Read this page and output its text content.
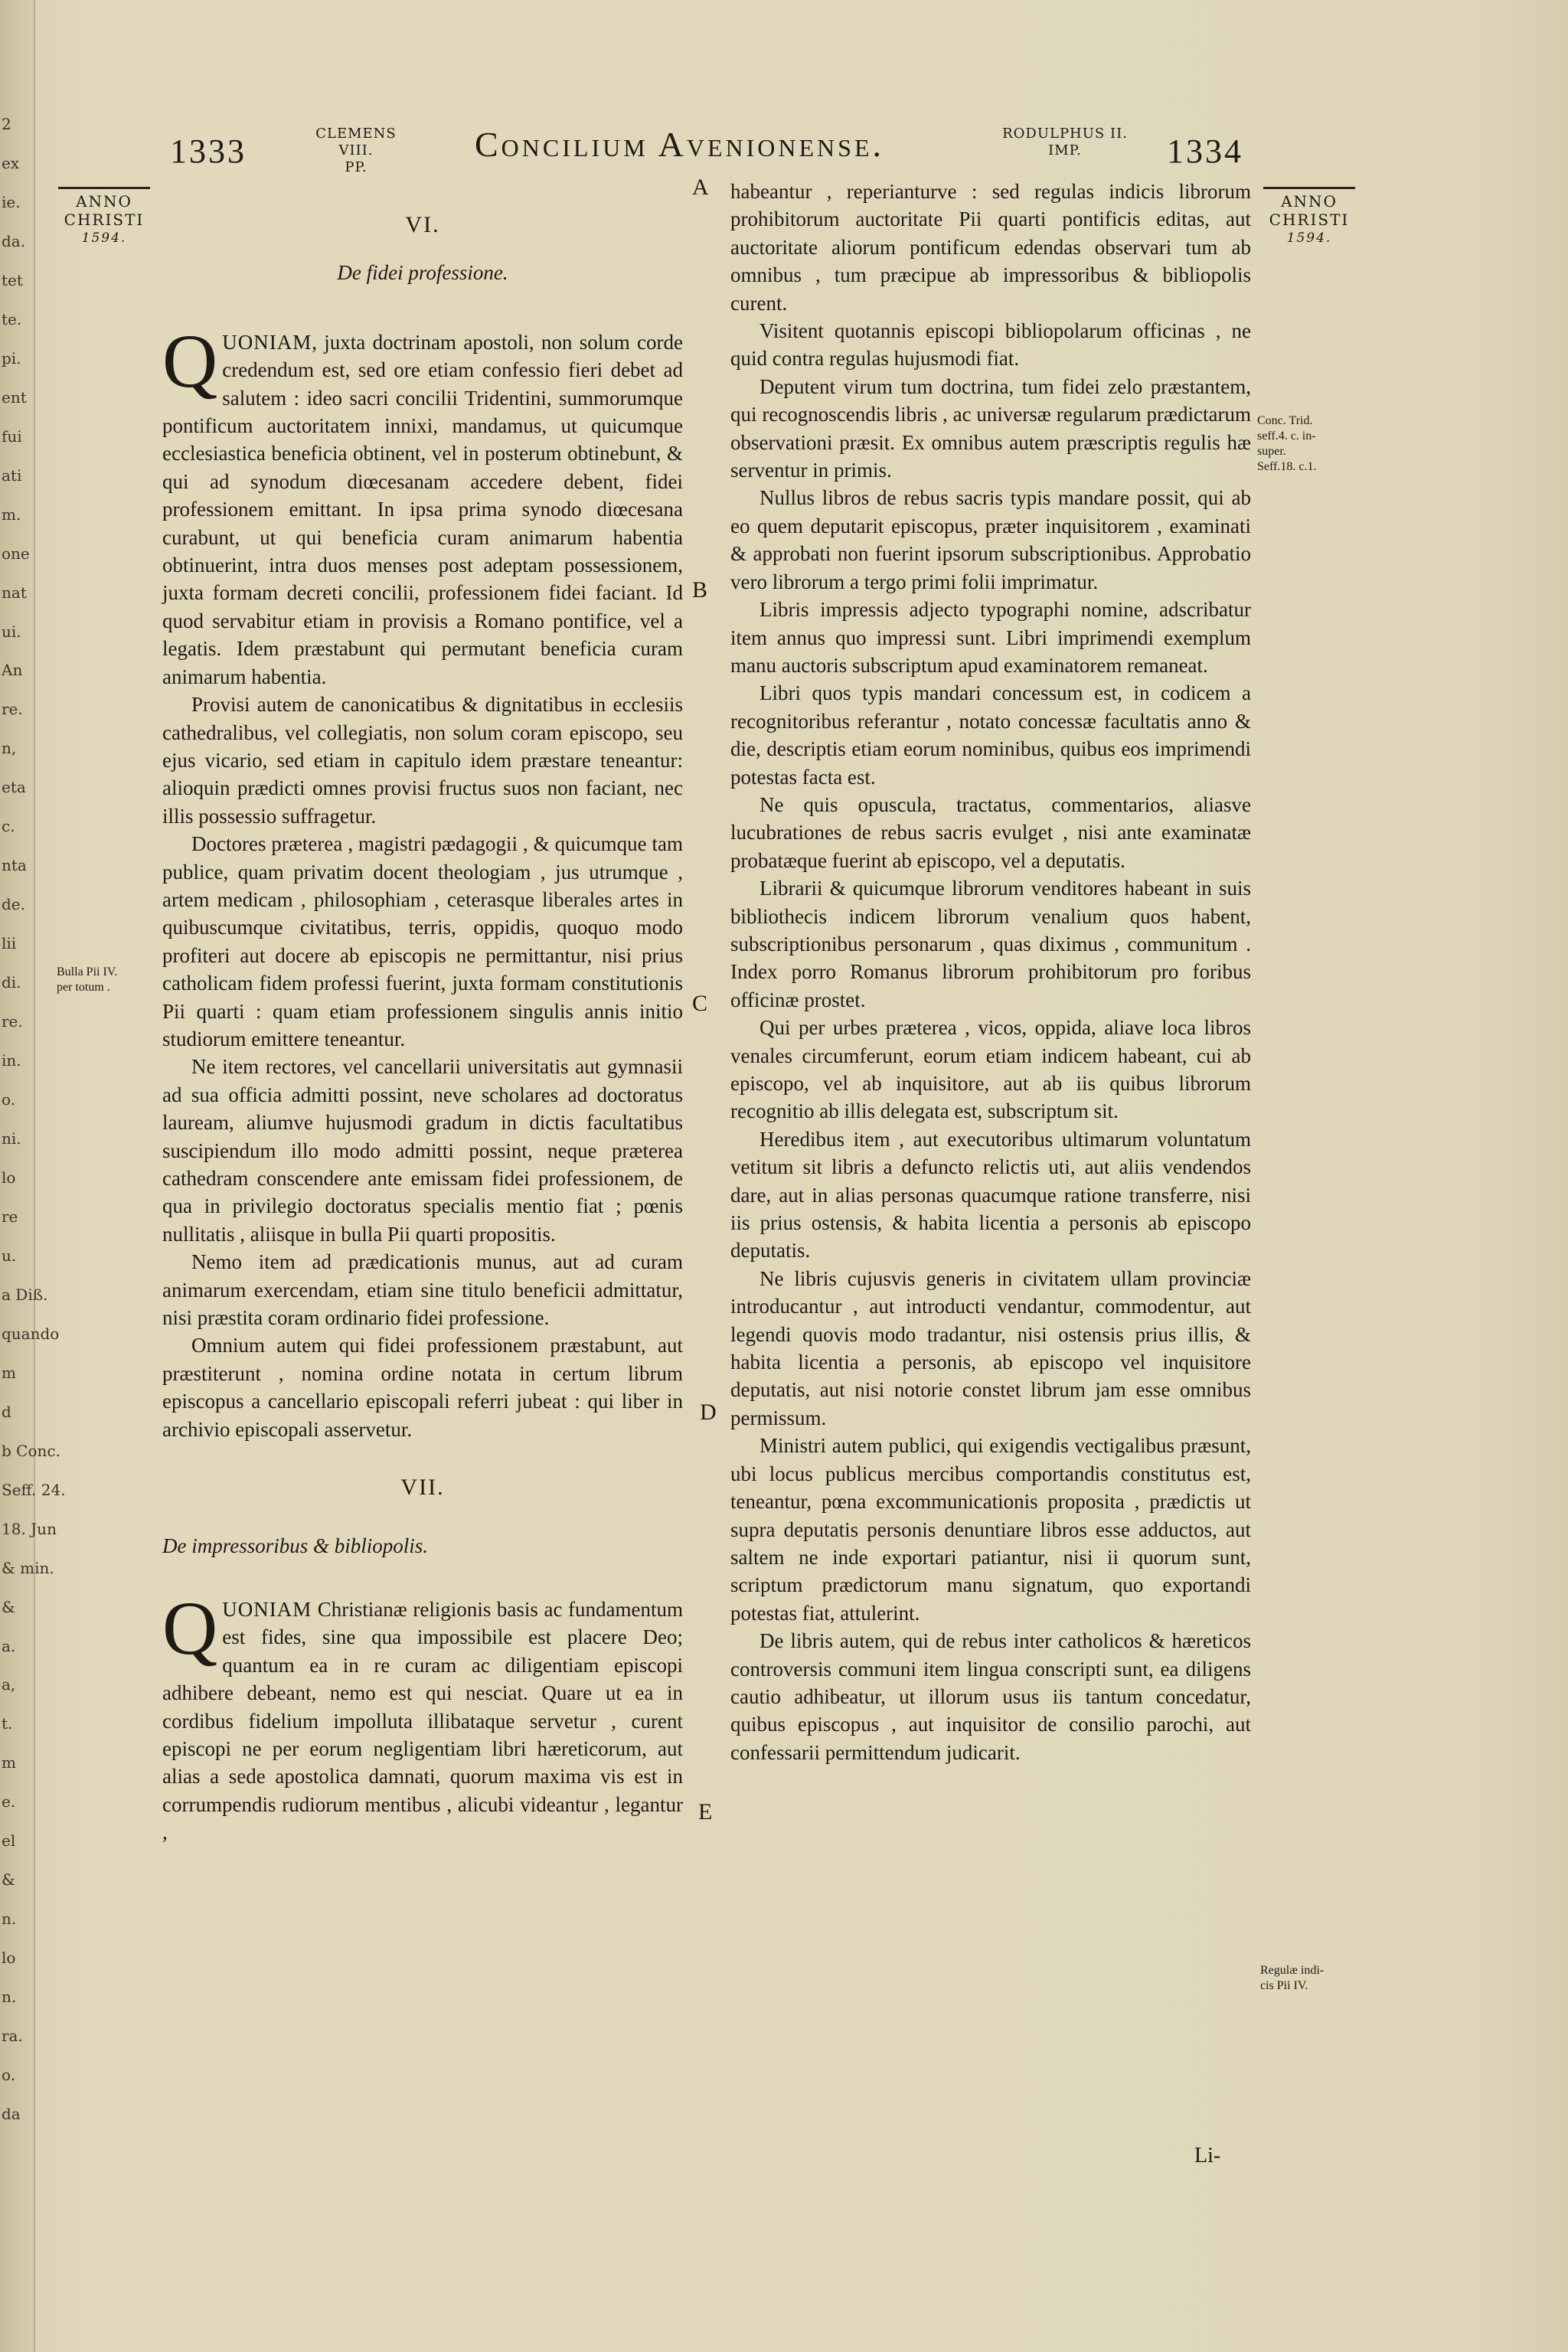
2
ex
ie.
da.
tet
te.
pi.
ent
fui
ati
m.
one
nat
ui.
An
re.
n,
eta
c.
nta
de.
lii
di.
re.
in.
o.
ni.
lo
re
u.
a Diß.
quando
m
d
b Conc.
Seff. 24.
18. Jun
& min.
&
a.
a,
t.
m
e.
el
&
n.
lo
n.
ra.
o.
da
1333	CLEMENS VIII.
PP.
Concilium Avenionense.	RODULPHUS II.
IMP.	1334
ANNO
CHRISTI
1594.
ANNO
CHRISTI
1594.
VI.
De fidei professione.

QUONIAM, juxta doctrinam apostoli, non solum corde credendum est, sed ore etiam confessio fieri debet ad salutem : ideo sacri concilii Tridentini, summorumque pontificum auctoritatem innixi, mandamus, ut quicumque ecclesiastica beneficia obtinent, vel in posterum obtinebunt, & qui ad synodum diœcesanam accedere debent, fidei professionem emittant. In ipsa prima synodo diœcesana curabunt, ut qui beneficia curam animarum habentia obtinuerint, intra duos menses post adeptam possessionem, juxta formam decreti concilii, professionem fidei faciant. Id quod servabitur etiam in provisis a Romano pontifice, vel a legatis. Idem præstabunt qui permutant beneficia curam animarum habentia.

Provisi autem de canonicatibus & dignitatibus in ecclesiis cathedralibus, vel collegiatis, non solum coram episcopo, seu ejus vicario, sed etiam in capitulo idem præstare teneantur: alioquin prædicti omnes provisi fructus suos non faciant, nec illis possessio suffragetur.

Doctores præterea , magistri pædagogii , & quicumque tam publice, quam privatim docent theologiam , jus utrumque , artem medicam , philosophiam , ceterasque liberales artes in quibuscumque civitatibus, terris, oppidis, quoquo modo profiteri aut docere ab episcopis ne permittantur, nisi prius catholicam fidem professi fuerint, juxta formam constitutionis Pii quarti : quam etiam professionem singulis annis initio studiorum emittere teneantur.

Ne item rectores, vel cancellarii universitatis aut gymnasii ad sua officia admitti possint, neve scholares ad doctoratus lauream, aliumve hujusmodi gradum in dictis facultatibus suscipiendum illo modo admitti possint, neque præterea cathedram conscendere ante emissam fidei professionem, de qua in privilegio doctoratus specialis mentio fiat ; pœnis nullitatis , aliisque in bulla Pii quarti propositis.

Nemo item ad prædicationis munus, aut ad curam animarum exercendam, etiam sine titulo beneficii admittatur, nisi præstita coram ordinario fidei professione.

Omnium autem qui fidei professionem præstabunt, aut præstiterunt , nomina ordine notata in certum librum episcopus a cancellario episcopali referri jubeat : qui liber in archivio episcopali asservetur.

VII.
De impressoribus & bibliopolis.

QUONIAM Christianæ religionis basis ac fundamentum est fides, sine qua impossibile est placere Deo; quantum ea in re curam ac diligentiam episcopi adhibere debeant, nemo est qui nesciat. Quare ut ea in cordibus fidelium impolluta illibataque servetur , curent episcopi ne per eorum negligentiam libri hæreticorum, aut alias a sede apostolica damnati, quorum maxima vis est in corrumpendis rudiorum mentibus , alicubi videantur , legantur ,

A
B
C
D
E
Bulla Pii IV.
per totum .
Conc. Trid.
seff.4. c. in-
super.
Seff.18. c.1.
Regulæ indi-
cis Pii IV.

habeantur , reperianturve : sed regulas indicis librorum prohibitorum auctoritate Pii quarti pontificis editas, aut auctoritate aliorum pontificum edendas observari tum ab omnibus , tum præcipue ab impressoribus & bibliopolis curent.

Visitent quotannis episcopi bibliopolarum officinas , ne quid contra regulas hujusmodi fiat.

Deputent virum tum doctrina, tum fidei zelo præstantem, qui recognoscendis libris , ac universæ regularum prædictarum observationi præsit. Ex omnibus autem præscriptis regulis hæ serventur in primis.

Nullus libros de rebus sacris typis mandare possit, qui ab eo quem deputarit episcopus, præter inquisitorem , examinati & approbati non fuerint ipsorum subscriptionibus. Approbatio vero librorum a tergo primi folii imprimatur.

Libris impressis adjecto typographi nomine, adscribatur item annus quo impressi sunt. Libri imprimendi exemplum manu auctoris subscriptum apud examinatorem remaneat.

Libri quos typis mandari concessum est, in codicem a recognitoribus referantur , notato concessæ facultatis anno & die, descriptis etiam eorum nominibus, quibus eos imprimendi potestas facta est.

Ne quis opuscula, tractatus, commentarios, aliasve lucubrationes de rebus sacris evulget , nisi ante examinatæ probatæque fuerint ab episcopo, vel a deputatis.

Librarii & quicumque librorum venditores habeant in suis bibliothecis indicem librorum venalium quos habent, subscriptionibus personarum , quas diximus , communitum . Index porro Romanus librorum prohibitorum pro foribus officinæ prostet.

Qui per urbes præterea , vicos, oppida, aliave loca libros venales circumferunt, eorum etiam indicem habeant, cui ab episcopo, vel ab inquisitore, aut ab iis quibus librorum recognitio ab illis delegata est, subscriptum sit.

Heredibus item , aut executoribus ultimarum voluntatum vetitum sit libris a defuncto relictis uti, aut aliis vendendos dare, aut in alias personas quacumque ratione transferre, nisi iis prius ostensis, & habita licentia a personis ab episcopo deputatis.

Ne libris cujusvis generis in civitatem ullam provinciæ introducantur , aut introducti vendantur, commodentur, aut legendi quovis modo tradantur, nisi ostensis prius illis, & habita licentia a personis, ab episcopo vel inquisitore deputatis, aut nisi notorie constet librum jam esse omnibus permissum.

Ministri autem publici, qui exigendis vectigalibus præsunt, ubi locus publicus mercibus comportandis constitutus est, teneantur, pœna excommunicationis proposita , prædictis ut supra deputatis personis denuntiare libros esse adductos, aut saltem ne inde exportari patiantur, nisi ii quorum sunt, scriptum prædictorum manu signatum, quo exportandi potestas fiat, attulerint.

De libris autem, qui de rebus inter catholicos & hæreticos controversis communi item lingua conscripti sunt, ea diligens cautio adhibeatur, ut illorum usus iis tantum concedatur, quibus episcopus , aut inquisitor de consilio parochi, aut confessarii permittendum judicarit.

Li-
